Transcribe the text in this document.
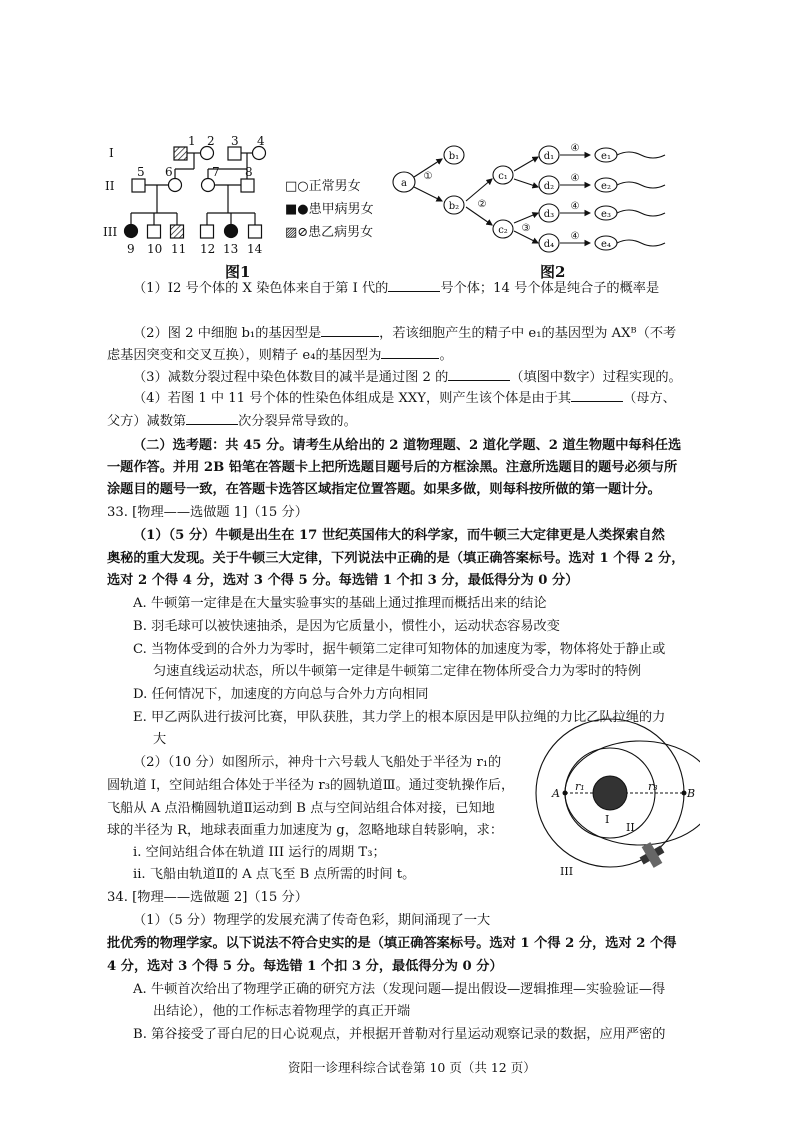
I
II
III
1 2 3 4
5 6	7 8
9 10 11 12 13 14
□○正常男女
■●患甲病男女
▨⊘患乙病男女
图1
a
b₁
b₂
c₁
c₂
d₁
d₂
d₃
d₄
e₁
e₂
e₃
e₄
①
②
③
④
④
④
④
图2
（1）I2 号个体的 X 染色体来自于第 I 代的	号个体；14 号个体是纯合子的概率是
（2）图 2 中细胞 b₁的基因型是	，若该细胞产生的精子中 e₁的基因型为 AXᴮ（不考
虑基因突变和交叉互换），则精子 e₄的基因型为	。
（3）减数分裂过程中染色体数目的减半是通过图 2 的	（填图中数字）过程实现的。
（4）若图 1 中 11 号个体的性染色体组成是 XXY，则产生该个体是由于其	（母方、
父方）减数第	次分裂异常导致的。
（二）选考题：共 45 分。请考生从给出的 2 道物理题、2 道化学题、2 道生物题中每科任选
一题作答。并用 2B 铅笔在答题卡上把所选题目题号后的方框涂黑。注意所选题目的题号必须与所
涂题目的题号一致，在答题卡选答区域指定位置答题。如果多做，则每科按所做的第一题计分。
33. [物理——选做题 1]（15 分）
（1）（5 分）牛顿是出生在 17 世纪英国伟大的科学家，而牛顿三大定律更是人类探索自然
奥秘的重大发现。关于牛顿三大定律，下列说法中正确的是（填正确答案标号。选对 1 个得 2 分，
选对 2 个得 4 分，选对 3 个得 5 分。每选错 1 个扣 3 分，最低得分为 0 分）
A. 牛顿第一定律是在大量实验事实的基础上通过推理而概括出来的结论
B. 羽毛球可以被快速抽杀，是因为它质量小，惯性小，运动状态容易改变
C. 当物体受到的合外力为零时，据牛顿第二定律可知物体的加速度为零，物体将处于静止或
匀速直线运动状态，所以牛顿第一定律是牛顿第二定律在物体所受合力为零时的特例
D. 任何情况下，加速度的方向总与合外力方向相同
E. 甲乙两队进行拔河比赛，甲队获胜，其力学上的根本原因是甲队拉绳的力比乙队拉绳的力
大
（2）（10 分）如图所示，神舟十六号载人飞船处于半径为 r₁的
圆轨道 I，空间站组合体处于半径为 r₃的圆轨道Ⅲ。通过变轨操作后，
飞船从 A 点沿椭圆轨道Ⅱ运动到 B 点与空间站组合体对接，已知地
球的半径为 R，地球表面重力加速度为 g，忽略地球自转影响，求：
i. 空间站组合体在轨道 III 运行的周期 T₃；
ii. 飞船由轨道Ⅱ的 A 点飞至 B 点所需的时间 t。
A	B
r₁	r₃
I
II
III
34. [物理——选做题 2]（15 分）
（1）（5 分）物理学的发展充满了传奇色彩，期间涌现了一大
批优秀的物理学家。以下说法不符合史实的是（填正确答案标号。选对 1 个得 2 分，选对 2 个得
4 分，选对 3 个得 5 分。每选错 1 个扣 3 分，最低得分为 0 分）
A. 牛顿首次给出了物理学正确的研究方法（发现问题—提出假设—逻辑推理—实验验证—得
出结论），他的工作标志着物理学的真正开端
B. 第谷接受了哥白尼的日心说观点，并根据开普勒对行星运动观察记录的数据，应用严密的
资阳一诊理科综合试卷第 10 页（共 12 页）
